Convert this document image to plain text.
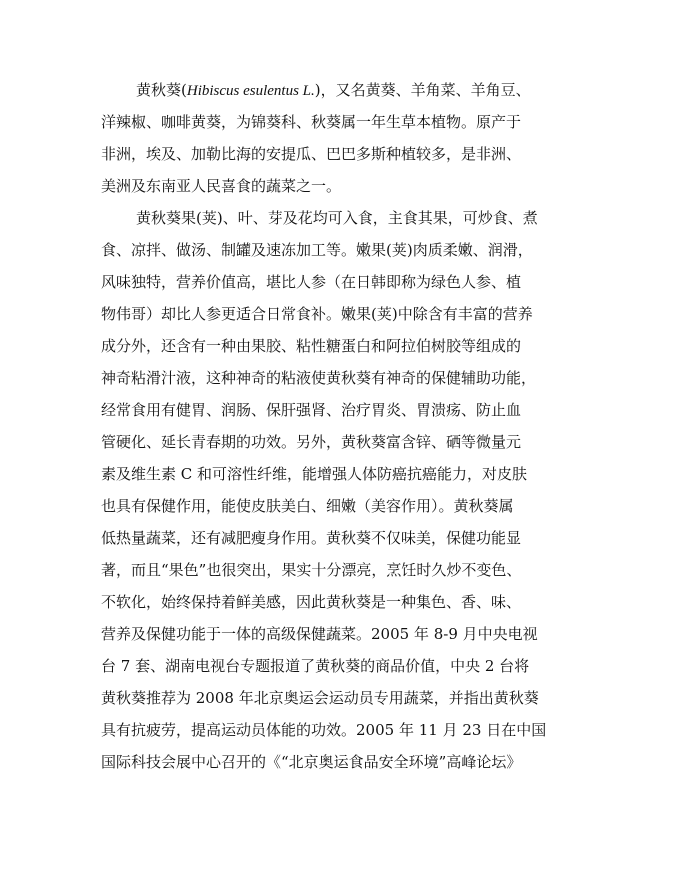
黄秋葵(Hibiscus esulentus L.)，又名黄葵、羊角菜、羊角豆、

洋辣椒、咖啡黄葵，为锦葵科、秋葵属一年生草本植物。原产于

非洲，埃及、加勒比海的安提瓜、巴巴多斯种植较多，是非洲、

美洲及东南亚人民喜食的蔬菜之一。

黄秋葵果(荚)、叶、芽及花均可入食，主食其果，可炒食、煮

食、凉拌、做汤、制罐及速冻加工等。嫩果(荚)肉质柔嫩、润滑，

风味独特，营养价值高，堪比人参（在日韩即称为绿色人参、植

物伟哥）却比人参更适合日常食补。嫩果(荚)中除含有丰富的营养

成分外，还含有一种由果胶、粘性糖蛋白和阿拉伯树胶等组成的

神奇粘滑汁液，这种神奇的粘液使黄秋葵有神奇的保健辅助功能，

经常食用有健胃、润肠、保肝强肾、治疗胃炎、胃溃疡、防止血

管硬化、延长青春期的功效。另外，黄秋葵富含锌、硒等微量元

素及维生素 C 和可溶性纤维，能增强人体防癌抗癌能力，对皮肤

也具有保健作用，能使皮肤美白、细嫩（美容作用）。黄秋葵属

低热量蔬菜，还有减肥瘦身作用。黄秋葵不仅味美，保健功能显

著，而且“果色”也很突出，果实十分漂亮，烹饪时久炒不变色、

不软化，始终保持着鲜美感，因此黄秋葵是一种集色、香、味、

营养及保健功能于一体的高级保健蔬菜。2005 年 8-9 月中央电视

台 7 套、湖南电视台专题报道了黄秋葵的商品价值，中央 2 台将

黄秋葵推荐为 2008 年北京奥运会运动员专用蔬菜，并指出黄秋葵

具有抗疲劳，提高运动员体能的功效。2005 年 11 月 23 日在中国

国际科技会展中心召开的《“北京奥运食品安全环境”高峰论坛》
